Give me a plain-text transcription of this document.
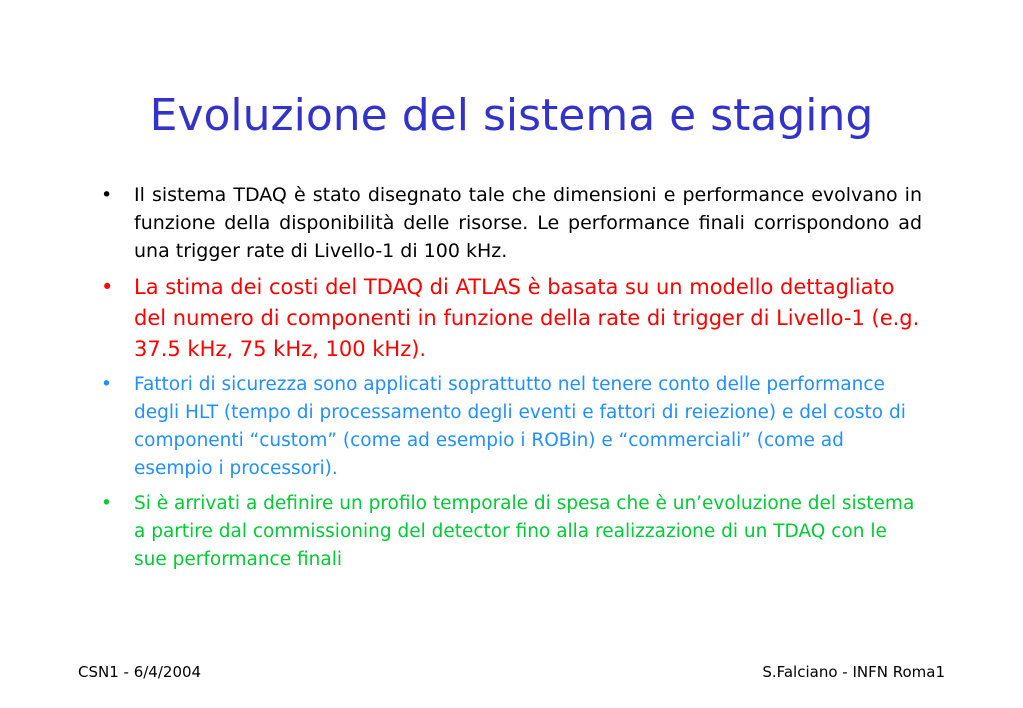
Evoluzione del sistema e staging
• Il sistema TDAQ è stato disegnato tale che dimensioni e performance evolvano in funzione della disponibilità delle risorse. Le performance finali corrispondono ad una trigger rate di Livello-1 di 100 kHz.
• La stima dei costi del TDAQ di ATLAS è basata su un modello dettagliato del numero di componenti in funzione della rate di trigger di Livello-1 (e.g. 37.5 kHz, 75 kHz, 100 kHz).
• Fattori di sicurezza sono applicati soprattutto nel tenere conto delle performance degli HLT (tempo di processamento degli eventi e fattori di reiezione) e del costo di componenti “custom” (come ad esempio i ROBin) e “commerciali” (come ad esempio i processori).
• Si è arrivati a definire un profilo temporale di spesa che è un’evoluzione del sistema a partire dal commissioning del detector fino alla realizzazione di un TDAQ con le sue performance finali
CSN1 - 6/4/2004	S.Falciano - INFN Roma1
